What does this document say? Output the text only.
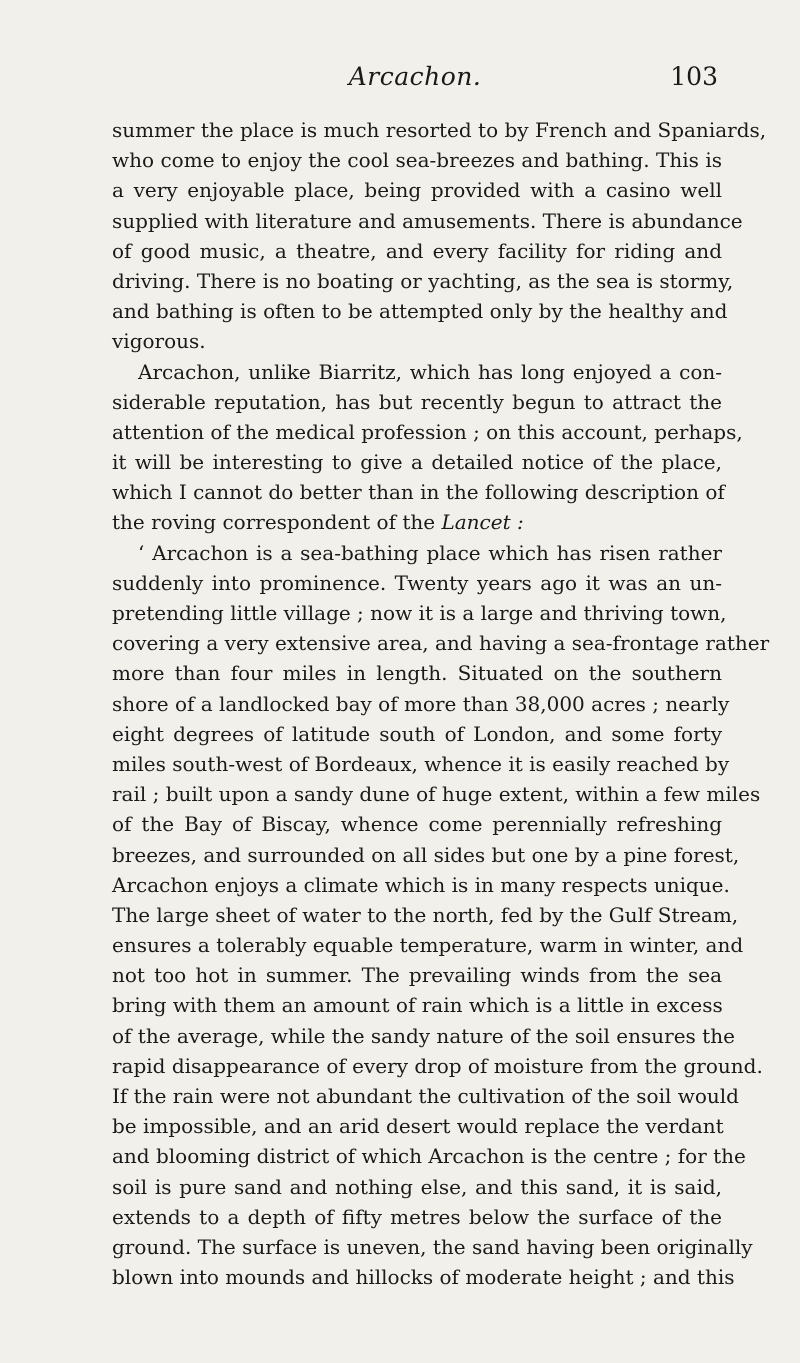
Arcachon.	103
summer the place is much resorted to by French and Spaniards,
who come to enjoy the cool sea-breezes and bathing. This is
a very enjoyable place, being provided with a casino well
supplied with literature and amusements. There is abundance
of good music, a theatre, and every facility for riding and
driving. There is no boating or yachting, as the sea is stormy,
and bathing is often to be attempted only by the healthy and
vigorous.
Arcachon, unlike Biarritz, which has long enjoyed a con-
siderable reputation, has but recently begun to attract the
attention of the medical profession ; on this account, perhaps,
it will be interesting to give a detailed notice of the place,
which I cannot do better than in the following description of
the roving correspondent of the Lancet :
‘ Arcachon is a sea-bathing place which has risen rather
suddenly into prominence. Twenty years ago it was an un-
pretending little village ; now it is a large and thriving town,
covering a very extensive area, and having a sea-frontage rather
more than four miles in length. Situated on the southern
shore of a landlocked bay of more than 38,000 acres ; nearly
eight degrees of latitude south of London, and some forty
miles south-west of Bordeaux, whence it is easily reached by
rail ; built upon a sandy dune of huge extent, within a few miles
of the Bay of Biscay, whence come perennially refreshing
breezes, and surrounded on all sides but one by a pine forest,
Arcachon enjoys a climate which is in many respects unique.
The large sheet of water to the north, fed by the Gulf Stream,
ensures a tolerably equable temperature, warm in winter, and
not too hot in summer. The prevailing winds from the sea
bring with them an amount of rain which is a little in excess
of the average, while the sandy nature of the soil ensures the
rapid disappearance of every drop of moisture from the ground.
If the rain were not abundant the cultivation of the soil would
be impossible, and an arid desert would replace the verdant
and blooming district of which Arcachon is the centre ; for the
soil is pure sand and nothing else, and this sand, it is said,
extends to a depth of fifty metres below the surface of the
ground. The surface is uneven, the sand having been originally
blown into mounds and hillocks of moderate height ; and this
